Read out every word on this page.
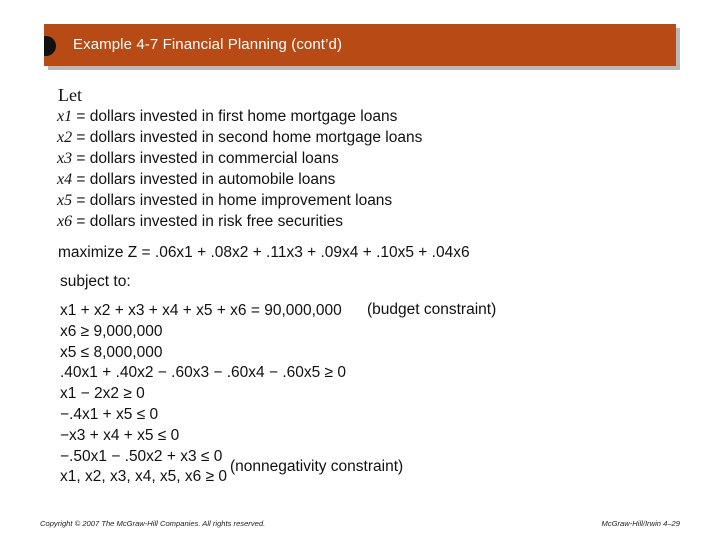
Example 4-7 Financial Planning (cont’d)
Let
x1 = dollars invested in first home mortgage loans
x2 = dollars invested in second home mortgage loans
x3 = dollars invested in commercial loans
x4 = dollars invested in automobile loans
x5 = dollars invested in home improvement loans
x6 = dollars invested in risk free securities
maximize Z = .06x1 + .08x2 + .11x3 + .09x4 + .10x5 + .04x6
subject to:
x1 + x2 + x3 + x4 + x5 + x6 = 90,000,000
x6 ≥ 9,000,000
x5 ≤ 8,000,000
.40x1 + .40x2 − .60x3 − .60x4 − .60x5 ≥ 0
x1 − 2x2 ≥ 0
−.4x1 + x5 ≤ 0
−x3 + x4 + x5 ≤ 0
−.50x1 − .50x2 + x3 ≤ 0
x1, x2, x3, x4, x5, x6 ≥ 0
(budget constraint)
(nonnegativity constraint)
Copyright © 2007 The McGraw-Hill Companies. All rights reserved.	McGraw-Hill/Irwin 4–29
